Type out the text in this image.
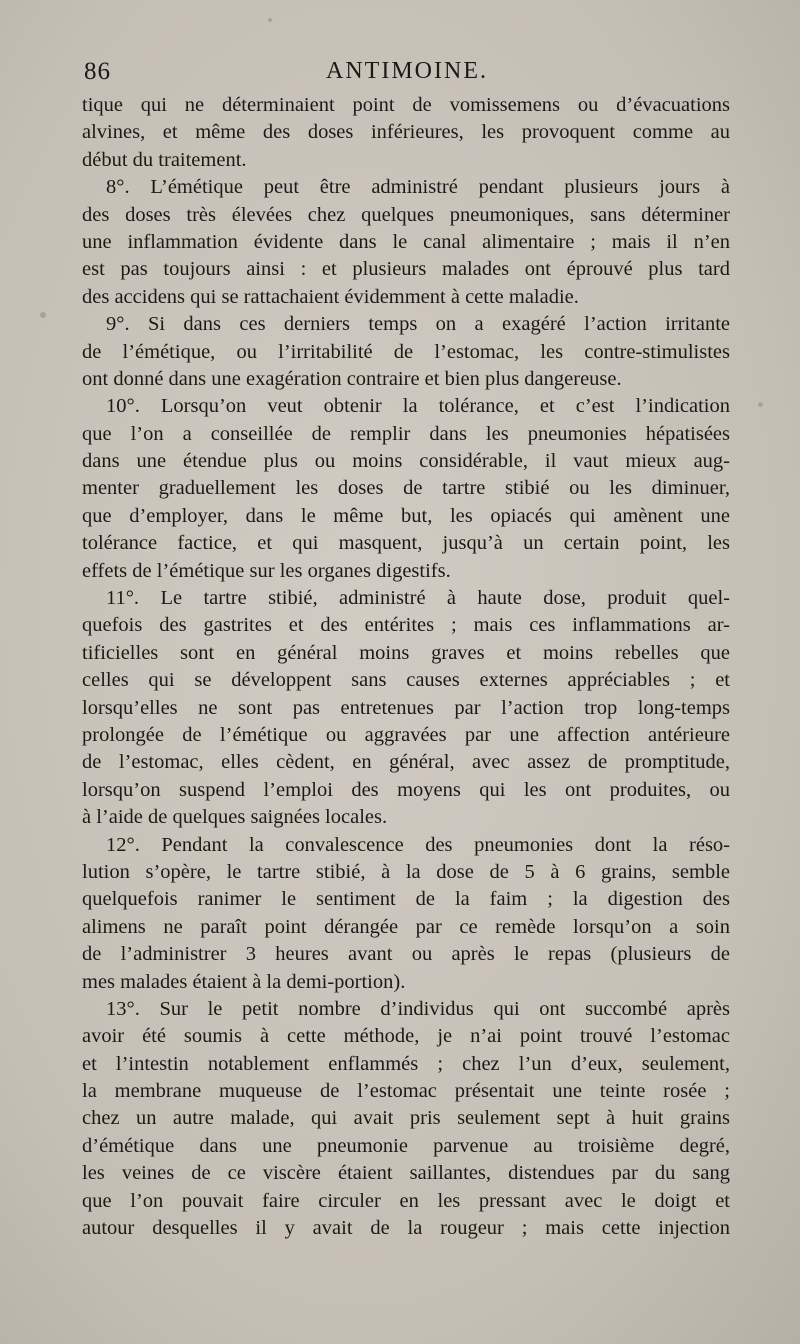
86	ANTIMOINE.
tique qui ne déterminaient point de vomissemens ou d’évacuations
alvines, et même des doses inférieures, les provoquent comme au
début du traitement.
8°. L’émétique peut être administré pendant plusieurs jours à
des doses très élevées chez quelques pneumoniques, sans déterminer
une inflammation évidente dans le canal alimentaire ; mais il n’en
est pas toujours ainsi : et plusieurs malades ont éprouvé plus tard
des accidens qui se rattachaient évidemment à cette maladie.
9°. Si dans ces derniers temps on a exagéré l’action irritante
de l’émétique, ou l’irritabilité de l’estomac, les contre-stimulistes
ont donné dans une exagération contraire et bien plus dangereuse.
10°. Lorsqu’on veut obtenir la tolérance, et c’est l’indication
que l’on a conseillée de remplir dans les pneumonies hépatisées
dans une étendue plus ou moins considérable, il vaut mieux aug-
menter graduellement les doses de tartre stibié ou les diminuer,
que d’employer, dans le même but, les opiacés qui amènent une
tolérance factice, et qui masquent, jusqu’à un certain point, les
effets de l’émétique sur les organes digestifs.
11°. Le tartre stibié, administré à haute dose, produit quel-
quefois des gastrites et des entérites ; mais ces inflammations ar-
tificielles sont en général moins graves et moins rebelles que
celles qui se développent sans causes externes appréciables ; et
lorsqu’elles ne sont pas entretenues par l’action trop long-temps
prolongée de l’émétique ou aggravées par une affection antérieure
de l’estomac, elles cèdent, en général, avec assez de promptitude,
lorsqu’on suspend l’emploi des moyens qui les ont produites, ou
à l’aide de quelques saignées locales.
12°. Pendant la convalescence des pneumonies dont la réso-
lution s’opère, le tartre stibié, à la dose de 5 à 6 grains, semble
quelquefois ranimer le sentiment de la faim ; la digestion des
alimens ne paraît point dérangée par ce remède lorsqu’on a soin
de l’administrer 3 heures avant ou après le repas (plusieurs de
mes malades étaient à la demi-portion).
13°. Sur le petit nombre d’individus qui ont succombé après
avoir été soumis à cette méthode, je n’ai point trouvé l’estomac
et l’intestin notablement enflammés ; chez l’un d’eux, seulement,
la membrane muqueuse de l’estomac présentait une teinte rosée ;
chez un autre malade, qui avait pris seulement sept à huit grains
d’émétique dans une pneumonie parvenue au troisième degré,
les veines de ce viscère étaient saillantes, distendues par du sang
que l’on pouvait faire circuler en les pressant avec le doigt et
autour desquelles il y avait de la rougeur ; mais cette injection
